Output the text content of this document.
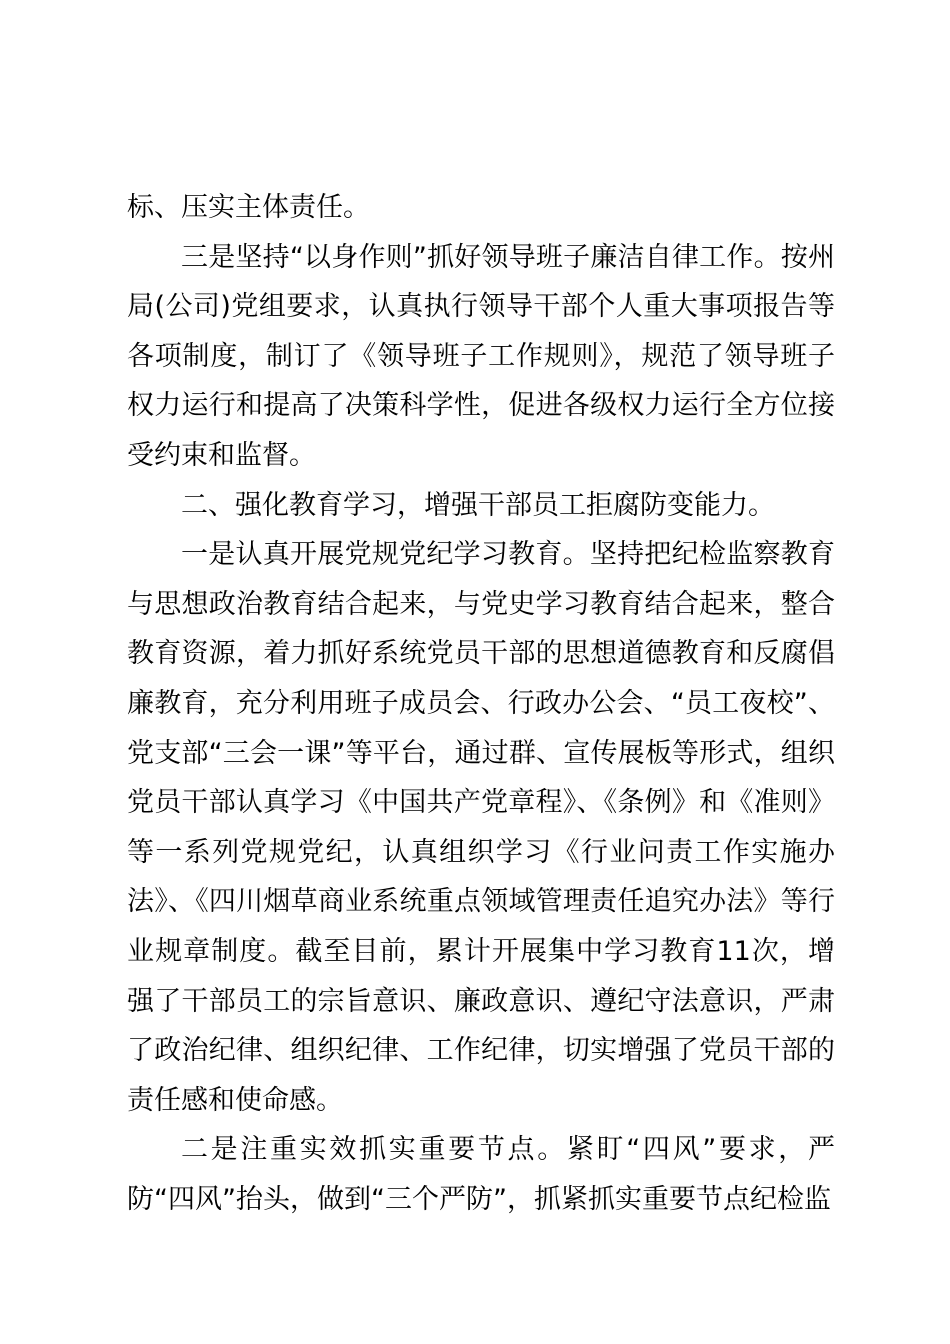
标、压实主体责任。

三是坚持“以身作则”抓好领导班子廉洁自律工作。按州局(公司)党组要求，认真执行领导干部个人重大事项报告等各项制度，制订了《领导班子工作规则》，规范了领导班子权力运行和提高了决策科学性，促进各级权力运行全方位接受约束和监督。

二、强化教育学习，增强干部员工拒腐防变能力。

一是认真开展党规党纪学习教育。坚持把纪检监察教育与思想政治教育结合起来，与党史学习教育结合起来，整合教育资源，着力抓好系统党员干部的思想道德教育和反腐倡廉教育，充分利用班子成员会、行政办公会、“员工夜校”、党支部“三会一课”等平台，通过群、宣传展板等形式，组织党员干部认真学习《中国共产党章程》、《条例》和《准则》等一系列党规党纪，认真组织学习《行业问责工作实施办法》、《四川烟草商业系统重点领域管理责任追究办法》等行业规章制度。截至目前，累计开展集中学习教育11次，增强了干部员工的宗旨意识、廉政意识、遵纪守法意识，严肃了政治纪律、组织纪律、工作纪律，切实增强了党员干部的责任感和使命感。

二是注重实效抓实重要节点。紧盯“四风”要求，严防“四风”抬头，做到“三个严防”，抓紧抓实重要节点纪检监
